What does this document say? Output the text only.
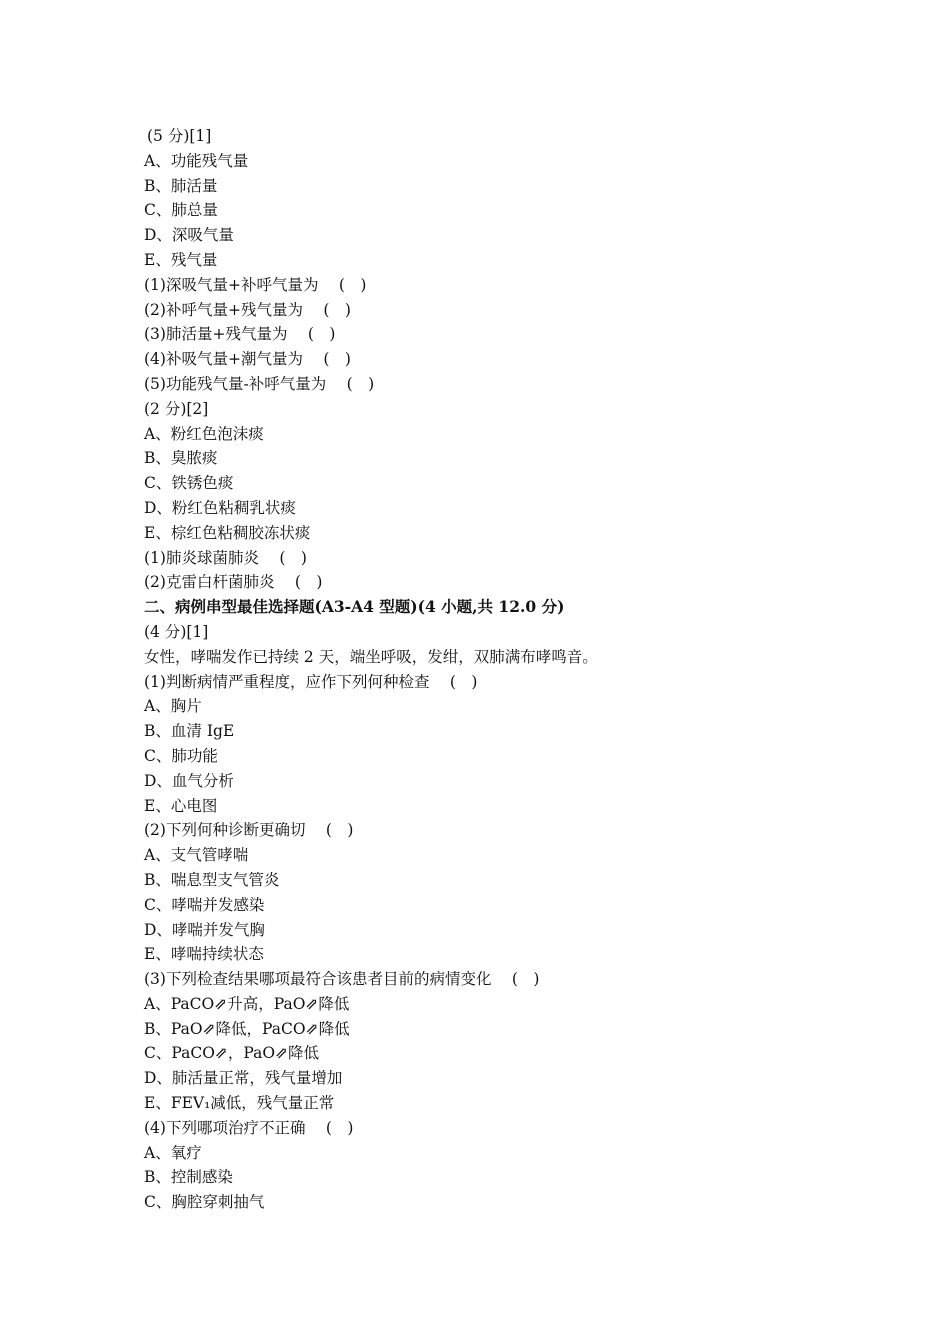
(5 分)[1]
A、功能残气量
B、肺活量
C、肺总量
D、深吸气量
E、残气量
(1)深吸气量+补呼气量为　 (　)
(2)补呼气量+残气量为　 (　)
(3)肺活量+残气量为　 (　)
(4)补吸气量+潮气量为　 (　)
(5)功能残气量-补呼气量为　 (　)
(2 分)[2]
A、粉红色泡沫痰
B、臭脓痰
C、铁锈色痰
D、粉红色粘稠乳状痰
E、棕红色粘稠胶冻状痰
(1)肺炎球菌肺炎　 (　)
(2)克雷白杆菌肺炎　 (　)
二、病例串型最佳选择题(A3-A4 型题)(4 小题,共 12.0 分)
(4 分)[1]
女性，哮喘发作已持续 2 天，端坐呼吸，发绀，双肺满布哮鸣音。
(1)判断病情严重程度，应作下列何种检查　 (　)
A、胸片
B、血清 IgE
C、肺功能
D、血气分析
E、心电图
(2)下列何种诊断更确切　 (　)
A、支气管哮喘
B、喘息型支气管炎
C、哮喘并发感染
D、哮喘并发气胸
E、哮喘持续状态
(3)下列检查结果哪项最符合该患者目前的病情变化　 (　)
A、PaCO⇗升高，PaO⇗降低
B、PaO⇗降低，PaCO⇗降低
C、PaCO⇗，PaO⇗降低
D、肺活量正常，残气量增加
E、FEV₁减低，残气量正常
(4)下列哪项治疗不正确　 (　)
A、氧疗
B、控制感染
C、胸腔穿刺抽气
